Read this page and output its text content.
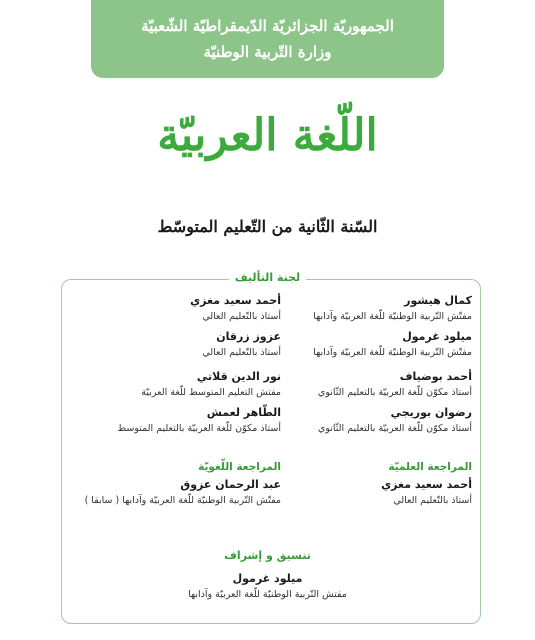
الجمهوريّة الجزائريّة الدّيمقراطيّة الشّعبيّة
وزارة التّربية الوطنيّة
اللّغة العربيّة
السّنة الثّانية من التّعليم المتوسّط
لجنة التأليف
كمال هيشور
مفتّش التّربية الوطنيّة للّغة العربيّة وآدابها
ميلود غرمول
مفتّش التّربية الوطنيّة للّغة العربيّة وآدابها
أحمد بوضياف
أستاذ مكوّن للّغة العربيّة بالتعليم الثّانوي
رضوان بوريجي
أستاذ مكوّن للّغة العربيّة بالتعليم الثّانوي
أحمد سعيد مغزي
أستاذ بالتّعليم العالي
عزوز زرقان
أستاذ بالتّعليم العالي
نور الدين قلاتي
مفتش التعليم المتوسط للّغة العربيّة
الطّاهر لعمش
أستاذ مكوّن للّغة العربيّة بالتعليم المتوسط
المراجعة العلميّة
أحمد سعيد مغزي
أستاذ بالتّعليم العالي
المراجعة اللّغويّة
عبد الرحمان عزوق
مفتّش التّربية الوطنيّة للّغة العربيّة وآدابها ( سابقا )
تنسيق و إشراف
ميلود غرمول
مفتش التّربية الوطنيّة للّغة العربيّة وآدابها
